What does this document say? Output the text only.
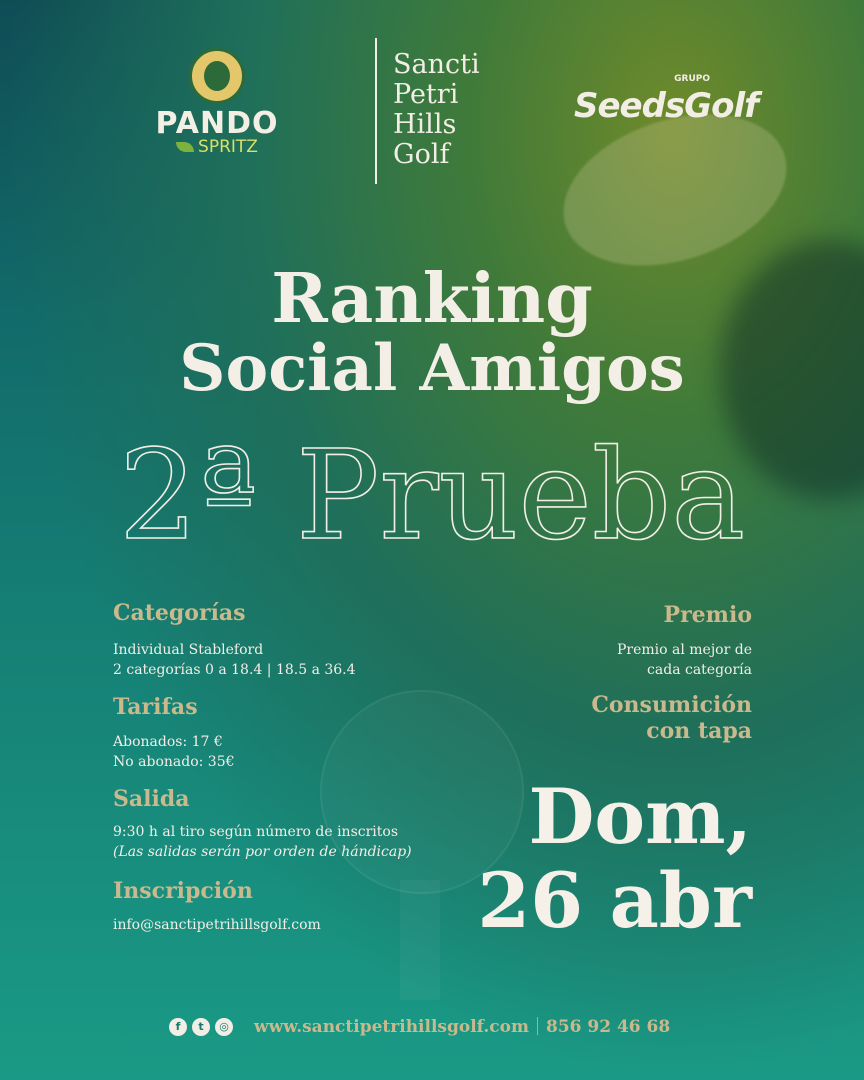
PANDO
SPRITZ
Sancti
Petri
Hills
Golf
GRUPO
SeedsGolf
Ranking
Social Amigos
2ª Prueba
Categorías
Individual Stableford
2 categorías 0 a 18.4 | 18.5 a 36.4
Tarifas
Abonados: 17 €
No abonado: 35€
Salida
9:30 h al tiro según número de inscritos
(Las salidas serán por orden de hándicap)
Inscripción
info@sanctipetrihillsgolf.com
Premio
Premio al mejor de
cada categoría
Consumición
con tapa
Dom,
26 abr
f	t	◎ www.sanctipetrihillsgolf.com 856 92 46 68
